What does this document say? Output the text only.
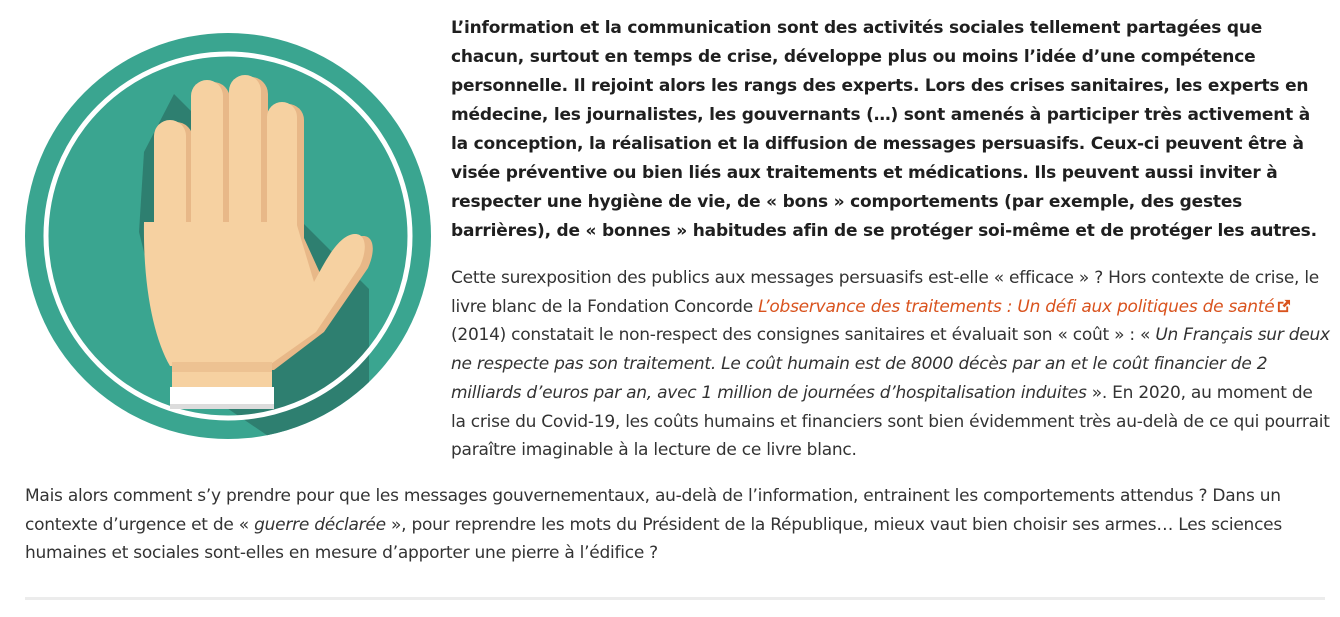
L’information et la communication sont des activités sociales tellement partagées que chacun, surtout en temps de crise, développe plus ou moins l’idée d’une compétence personnelle. Il rejoint alors les rangs des experts. Lors des crises sanitaires, les experts en médecine, les journalistes, les gouvernants (…) sont amenés à participer très activement à la conception, la réalisation et la diffusion de messages persuasifs. Ceux-ci peuvent être à visée préventive ou bien liés aux traitements et médications. Ils peuvent aussi inviter à respecter une hygiène de vie, de « bons » comportements (par exemple, des gestes barrières), de « bonnes » habitudes afin de se protéger soi-même et de protéger les autres.

Cette surexposition des publics aux messages persuasifs est-elle « efficace » ? Hors contexte de crise, le livre blanc de la Fondation Concorde L’observance des traitements : Un défi aux politiques de santé (2014) constatait le non-respect des consignes sanitaires et évaluait son « coût » : « Un Français sur deux ne respecte pas son traitement. Le coût humain est de 8000 décès par an et le coût financier de 2 milliards d’euros par an, avec 1 million de journées d’hospitalisation induites ». En 2020, au moment de la crise du Covid-19, les coûts humains et financiers sont bien évidemment très au-delà de ce qui pourrait paraître imaginable à la lecture de ce livre blanc.

Mais alors comment s’y prendre pour que les messages gouvernementaux, au-delà de l’information, entrainent les comportements attendus ? Dans un contexte d’urgence et de « guerre déclarée », pour reprendre les mots du Président de la République, mieux vaut bien choisir ses armes… Les sciences humaines et sociales sont-elles en mesure d’apporter une pierre à l’édifice ?
